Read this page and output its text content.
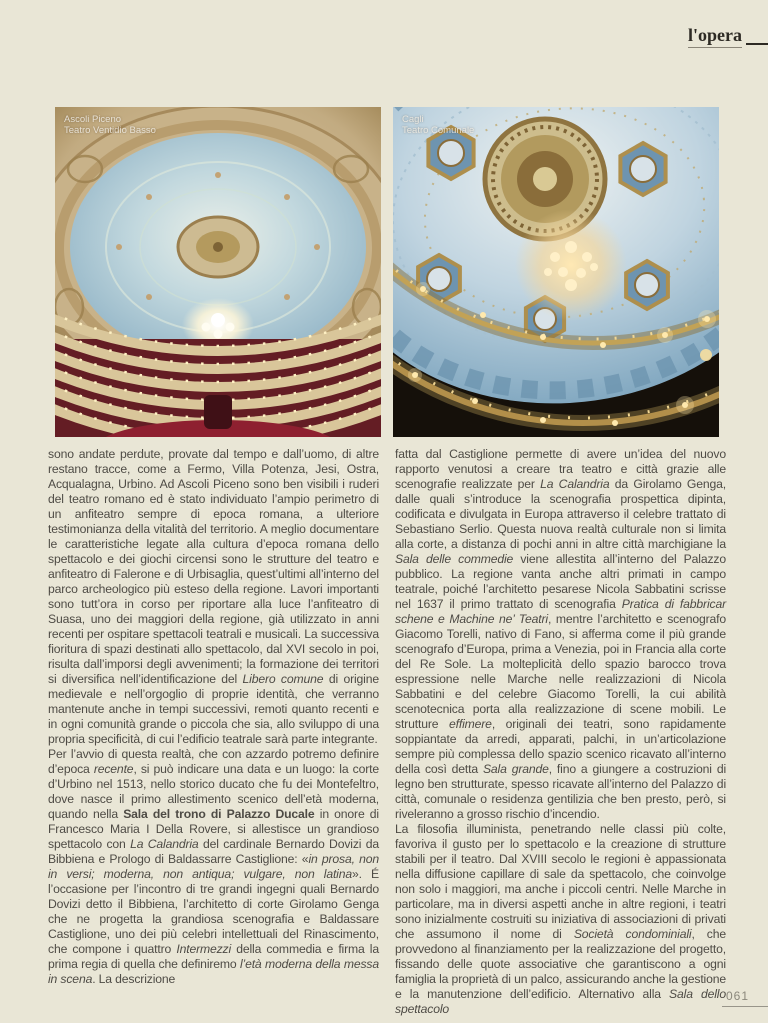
l'opera
Ascoli Piceno
Teatro Ventidio Basso
Cagli
Teatro Comunale

sono andate perdute, provate dal tempo e dall’uomo, di altre restano tracce, come a Fermo, Villa Potenza, Jesi, Ostra, Acqualagna, Urbino. Ad Ascoli Piceno sono ben visibili i ruderi del teatro romano ed è stato individuato l’ampio perimetro di un anfiteatro sempre di epoca romana, a ulteriore testimonianza della vitalità del territorio. A meglio documentare le caratteristiche legate alla cultura d’epoca romana dello spettacolo e dei giochi circensi sono le strutture del teatro e anfiteatro di Falerone e di Urbisaglia, quest’ultimi all’interno del parco archeologico più esteso della regione. Lavori importanti sono tutt’ora in corso per riportare alla luce l’anfiteatro di Suasa, uno dei maggiori della regione, già utilizzato in anni recenti per ospitare spettacoli teatrali e musicali. La successiva fioritura di spazi destinati allo spettacolo, dal XVI secolo in poi, risulta dall’imporsi degli avvenimenti; la formazione dei territori si diversifica nell’identificazione del Libero comune di origine medievale e nell’orgoglio di proprie identità, che verranno mantenute anche in tempi successivi, remoti quanto recenti e in ogni comunità grande o piccola che sia, allo sviluppo di una propria specificità, di cui l’edificio teatrale sarà parte integrante.

Per l’avvio di questa realtà, che con azzardo potremo definire d’epoca recente, si può indicare una data e un luogo: la corte d’Urbino nel 1513, nello storico ducato che fu dei Montefeltro, dove nasce il primo allestimento scenico dell’età moderna, quando nella Sala del trono di Palazzo Ducale in onore di Francesco Maria I Della Rovere, si allestisce un grandioso spettacolo con La Calandria del cardinale Bernardo Dovizi da Bibbiena e Prologo di Baldassarre Castiglione: «in prosa, non in versi; moderna, non antiqua; vulgare, non latina». É l’occasione per l’incontro di tre grandi ingegni quali Bernardo Dovizi detto il Bibbiena, l’architetto di corte Girolamo Genga che ne progetta la grandiosa scenografia e Baldassare Castiglione, uno dei più celebri intellettuali del Rinascimento, che compone i quattro Intermezzi della commedia e firma la prima regia di quella che definiremo l’età moderna della messa in scena. La descrizione

fatta dal Castiglione permette di avere un’idea del nuovo rapporto venutosi a creare tra teatro e città grazie alle scenografie realizzate per La Calandria da Girolamo Genga, dalle quali s’introduce la scenografia prospettica dipinta, codificata e divulgata in Europa attraverso il celebre trattato di Sebastiano Serlio. Questa nuova realtà culturale non si limita alla corte, a distanza di pochi anni in altre città marchigiane la Sala delle commedie viene allestita all’interno del Palazzo pubblico. La regione vanta anche altri primati in campo teatrale, poiché l’architetto pesarese Nicola Sabbatini scrisse nel 1637 il primo trattato di scenografia Pratica di fabbricar schene e Machine ne’ Teatri, mentre l’architetto e scenografo Giacomo Torelli, nativo di Fano, si afferma come il più grande scenografo d’Europa, prima a Venezia, poi in Francia alla corte del Re Sole. La molteplicità dello spazio barocco trova espressione nelle Marche nelle realizzazioni di Nicola Sabbatini e del celebre Giacomo Torelli, la cui abilità scenotecnica porta alla realizzazione di scene mobili. Le strutture effimere, originali dei teatri, sono rapidamente soppiantate da arredi, apparati, palchi, in un’articolazione sempre più complessa dello spazio scenico ricavato all’interno della così detta Sala grande, fino a giungere a costruzioni di legno ben strutturate, spesso ricavate all’interno del Palazzo di città, comunale o residenza gentilizia che ben presto, però, si riveleranno a grosso rischio d’incendio.

La filosofia illuminista, penetrando nelle classi più colte, favoriva il gusto per lo spettacolo e la creazione di strutture stabili per il teatro. Dal XVIII secolo le regioni è appassionata nella diffusione capillare di sale da spettacolo, che coinvolge non solo i maggiori, ma anche i piccoli centri. Nelle Marche in particolare, ma in diversi aspetti anche in altre regioni, i teatri sono inizialmente costruiti su iniziativa di associazioni di privati che assumono il nome di Società condominiali, che provvedono al finanziamento per la realizzazione del progetto, fissando delle quote associative che garantiscono a ogni famiglia la proprietà di un palco, assicurando anche la gestione e la manutenzione dell’edificio. Alternativo alla Sala dello spettacolo

061
